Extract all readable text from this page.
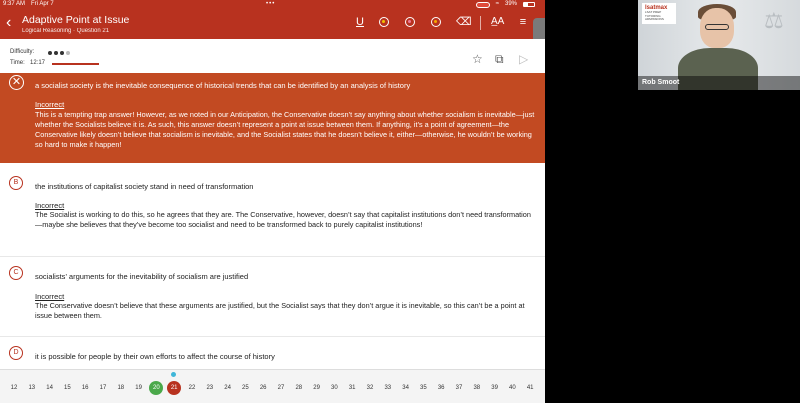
9:37 AM Fri Apr 7	•••	≈ 39%
‹ Adaptive Point at Issue
Logical Reasoning · Question 21
U	⌫ A̲A ≡
Difficulty:
Time: 12:17	☆ ⧉ ▷
✕	a socialist society is the inevitable consequence of historical trends that can be identified by an analysis of history
Incorrect
This is a tempting trap answer! However, as we noted in our Anticipation, the Conservative doesn’t say anything about whether socialism is inevitable—just whether the Socialists believe it is. As such, this answer doesn’t represent a point at issue between them. If anything, it’s a point of agreement—the Conservative likely doesn’t believe that socialism is inevitable, and the Socialist states that he doesn’t believe it, either—otherwise, he wouldn’t be working so hard to make it happen!
B	the institutions of capitalist society stand in need of transformation
Incorrect
The Socialist is working to do this, so he agrees that they are. The Conservative, however, doesn’t say that capitalist institutions don’t need transformation—maybe she believes that they’ve become too socialist and need to be transformed back to purely capitalist institutions!
C	socialists’ arguments for the inevitability of socialism are justified
Incorrect
The Conservative doesn’t believe that these arguments are justified, but the Socialist says that they don’t argue it is inevitable, so this can’t be a point at issue between them.
D	it is possible for people by their own efforts to affect the course of history
12	13	14	15	16	17	18	19	20	21	22	23	24	25	26	27	28	29	30	31	32	33	34	35	36	37	38	39	40	41
⚖
lsatmax
LSAT PREP
TUTORING
ADMISSIONS
Rob Smoot
